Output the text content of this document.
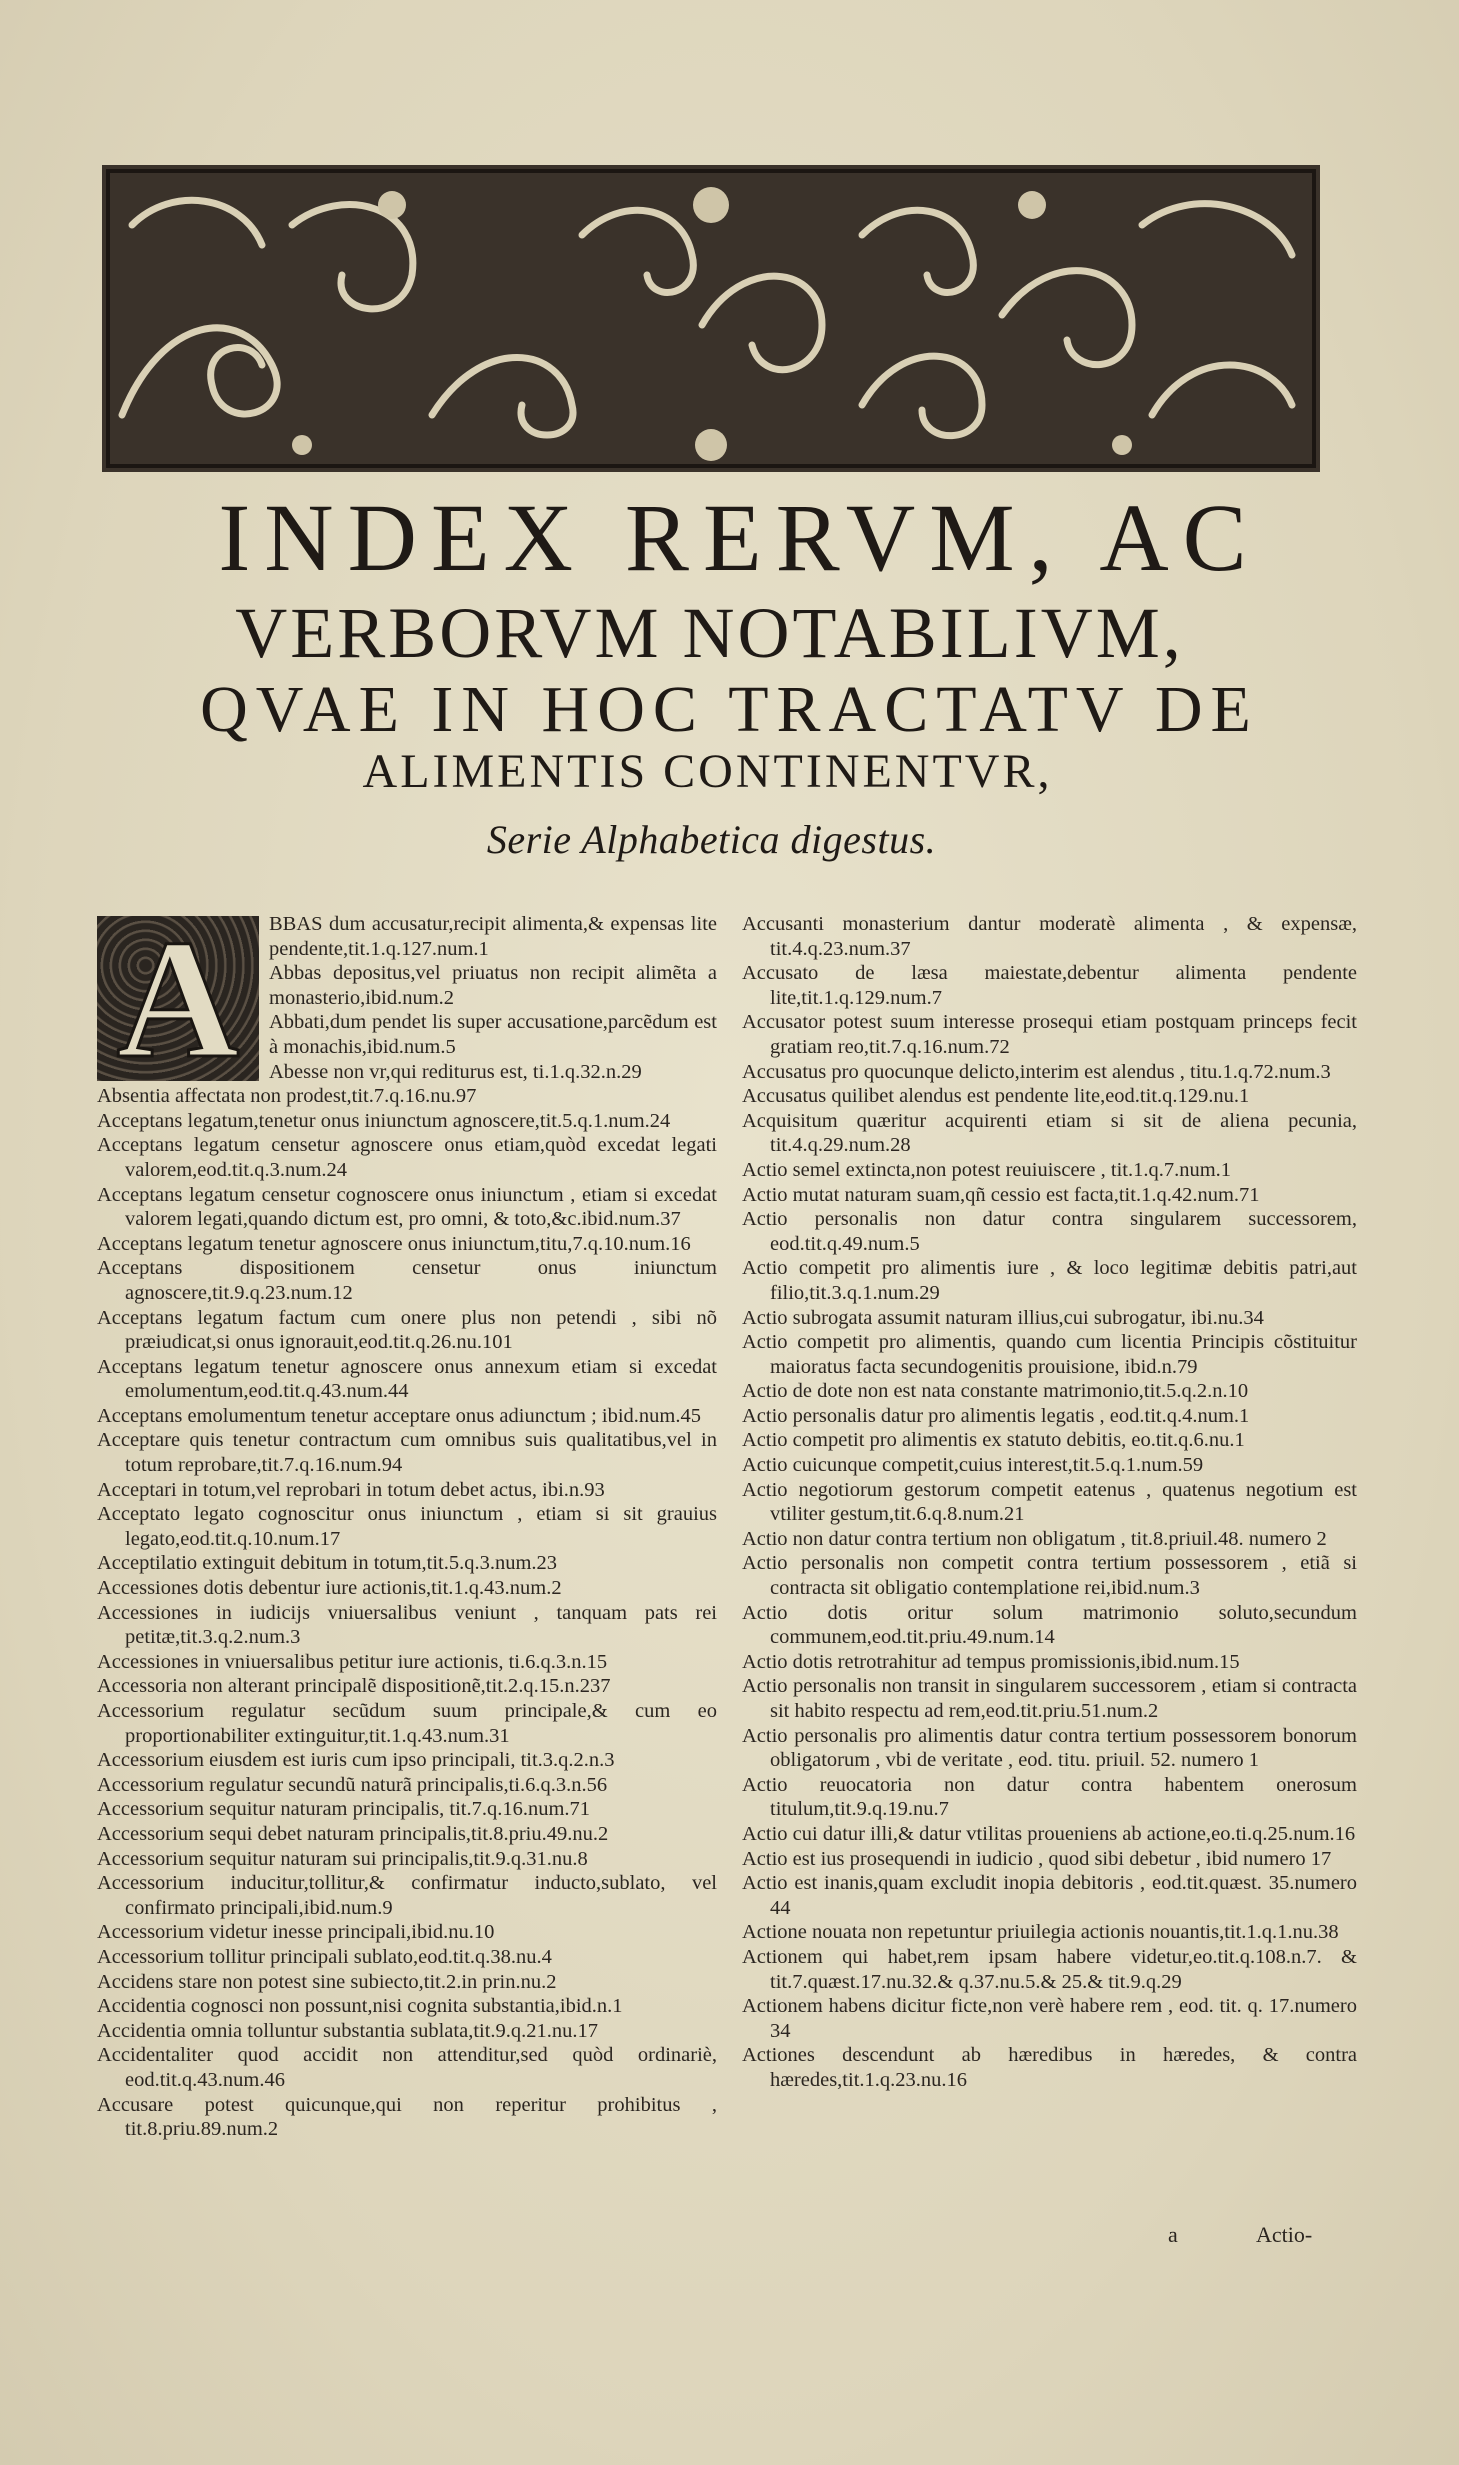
INDEX RERVM, AC
VERBORVM NOTABILIVM,
QVAE IN HOC TRACTATV DE
ALIMENTIS CONTINENTVR,
Serie Alphabetica digestus.
A	BBAS dum accusatur,recipit alimenta,& expensas lite pendente,tit.1.q.127.num.1

Abbas depositus,vel priuatus non recipit alimẽta a monasterio,ibid.num.2

Abbati,dum pendet lis super accusatione,parcẽdum est à monachis,ibid.num.5

Abesse non vr,qui rediturus est, ti.1.q.32.n.29

Absentia affectata non prodest,tit.7.q.16.nu.97

Acceptans legatum,tenetur onus iniunctum agnoscere,tit.5.q.1.num.24

Acceptans legatum censetur agnoscere onus etiam,quòd excedat legati valorem,eod.tit.q.3.num.24

Acceptans legatum censetur cognoscere onus iniunctum , etiam si excedat valorem legati,quando dictum est, pro omni, & toto,&c.ibid.num.37

Acceptans legatum tenetur agnoscere onus iniunctum,titu,7.q.10.num.16

Acceptans dispositionem censetur onus iniunctum agnoscere,tit.9.q.23.num.12

Acceptans legatum factum cum onere plus non petendi , sibi nõ præiudicat,si onus ignorauit,eod.tit.q.26.nu.101

Acceptans legatum tenetur agnoscere onus annexum etiam si excedat emolumentum,eod.tit.q.43.num.44

Acceptans emolumentum tenetur acceptare onus adiunctum ; ibid.num.45

Acceptare quis tenetur contractum cum omnibus suis qualitatibus,vel in totum reprobare,tit.7.q.16.num.94

Acceptari in totum,vel reprobari in totum debet actus, ibi.n.93

Acceptato legato cognoscitur onus iniunctum , etiam si sit grauius legato,eod.tit.q.10.num.17

Acceptilatio extinguit debitum in totum,tit.5.q.3.num.23

Accessiones dotis debentur iure actionis,tit.1.q.43.num.2

Accessiones in iudicijs vniuersalibus veniunt , tanquam pats rei petitæ,tit.3.q.2.num.3

Accessiones in vniuersalibus petitur iure actionis, ti.6.q.3.n.15

Accessoria non alterant principalẽ dispositionẽ,tit.2.q.15.n.237

Accessorium regulatur secũdum suum principale,& cum eo proportionabiliter extinguitur,tit.1.q.43.num.31

Accessorium eiusdem est iuris cum ipso principali, tit.3.q.2.n.3

Accessorium regulatur secundũ naturã principalis,ti.6.q.3.n.56

Accessorium sequitur naturam principalis, tit.7.q.16.num.71

Accessorium sequi debet naturam principalis,tit.8.priu.49.nu.2

Accessorium sequitur naturam sui principalis,tit.9.q.31.nu.8

Accessorium inducitur,tollitur,& confirmatur inducto,sublato, vel confirmato principali,ibid.num.9

Accessorium videtur inesse principali,ibid.nu.10

Accessorium tollitur principali sublato,eod.tit.q.38.nu.4

Accidens stare non potest sine subiecto,tit.2.in prin.nu.2

Accidentia cognosci non possunt,nisi cognita substantia,ibid.n.1

Accidentia omnia tolluntur substantia sublata,tit.9.q.21.nu.17

Accidentaliter quod accidit non attenditur,sed quòd ordinariè, eod.tit.q.43.num.46

Accusare potest quicunque,qui non reperitur prohibitus , tit.8.priu.89.num.2

Accusanti monasterium dantur moderatè alimenta , & expensæ, tit.4.q.23.num.37

Accusato de læsa maiestate,debentur alimenta pendente lite,tit.1.q.129.num.7

Accusator potest suum interesse prosequi etiam postquam princeps fecit gratiam reo,tit.7.q.16.num.72

Accusatus pro quocunque delicto,interim est alendus , titu.1.q.72.num.3

Accusatus quilibet alendus est pendente lite,eod.tit.q.129.nu.1

Acquisitum quæritur acquirenti etiam si sit de aliena pecunia, tit.4.q.29.num.28

Actio semel extincta,non potest reuiuiscere , tit.1.q.7.num.1

Actio mutat naturam suam,qñ cessio est facta,tit.1.q.42.num.71

Actio personalis non datur contra singularem successorem, eod.tit.q.49.num.5

Actio competit pro alimentis iure , & loco legitimæ debitis patri,aut filio,tit.3.q.1.num.29

Actio subrogata assumit naturam illius,cui subrogatur, ibi.nu.34

Actio competit pro alimentis, quando cum licentia Principis cõstituitur maioratus facta secundogenitis prouisione, ibid.n.79

Actio de dote non est nata constante matrimonio,tit.5.q.2.n.10

Actio personalis datur pro alimentis legatis , eod.tit.q.4.num.1

Actio competit pro alimentis ex statuto debitis, eo.tit.q.6.nu.1

Actio cuicunque competit,cuius interest,tit.5.q.1.num.59

Actio negotiorum gestorum competit eatenus , quatenus negotium est vtiliter gestum,tit.6.q.8.num.21

Actio non datur contra tertium non obligatum , tit.8.priuil.48. numero 2

Actio personalis non competit contra tertium possessorem , etiã si contracta sit obligatio contemplatione rei,ibid.num.3

Actio dotis oritur solum matrimonio soluto,secundum communem,eod.tit.priu.49.num.14

Actio dotis retrotrahitur ad tempus promissionis,ibid.num.15

Actio personalis non transit in singularem successorem , etiam si contracta sit habito respectu ad rem,eod.tit.priu.51.num.2

Actio personalis pro alimentis datur contra tertium possessorem bonorum obligatorum , vbi de veritate , eod. titu. priuil. 52. numero 1

Actio reuocatoria non datur contra habentem onerosum titulum,tit.9.q.19.nu.7

Actio cui datur illi,& datur vtilitas prouenienѕ ab actione,eo.ti.q.25.num.16

Actio est ius prosequendi in iudicio , quod sibi debetur , ibid numero 17

Actio est inanis,quam excludit inopia debitoris , eod.tit.quæst. 35.numero 44

Actione nouata non repetuntur priuilegia actionis nouantis,tit.1.q.1.nu.38

Actionem qui habet,rem ipsam habere videtur,eo.tit.q.108.n.7. & tit.7.quæst.17.nu.32.& q.37.nu.5.& 25.& tit.9.q.29

Actionem habens dicitur ficte,non verè habere rem , eod. tit. q. 17.numero 34

Actiones descendunt ab hæredibus in hæredes, & contra hæredes,tit.1.q.23.nu.16

a	Actio-
